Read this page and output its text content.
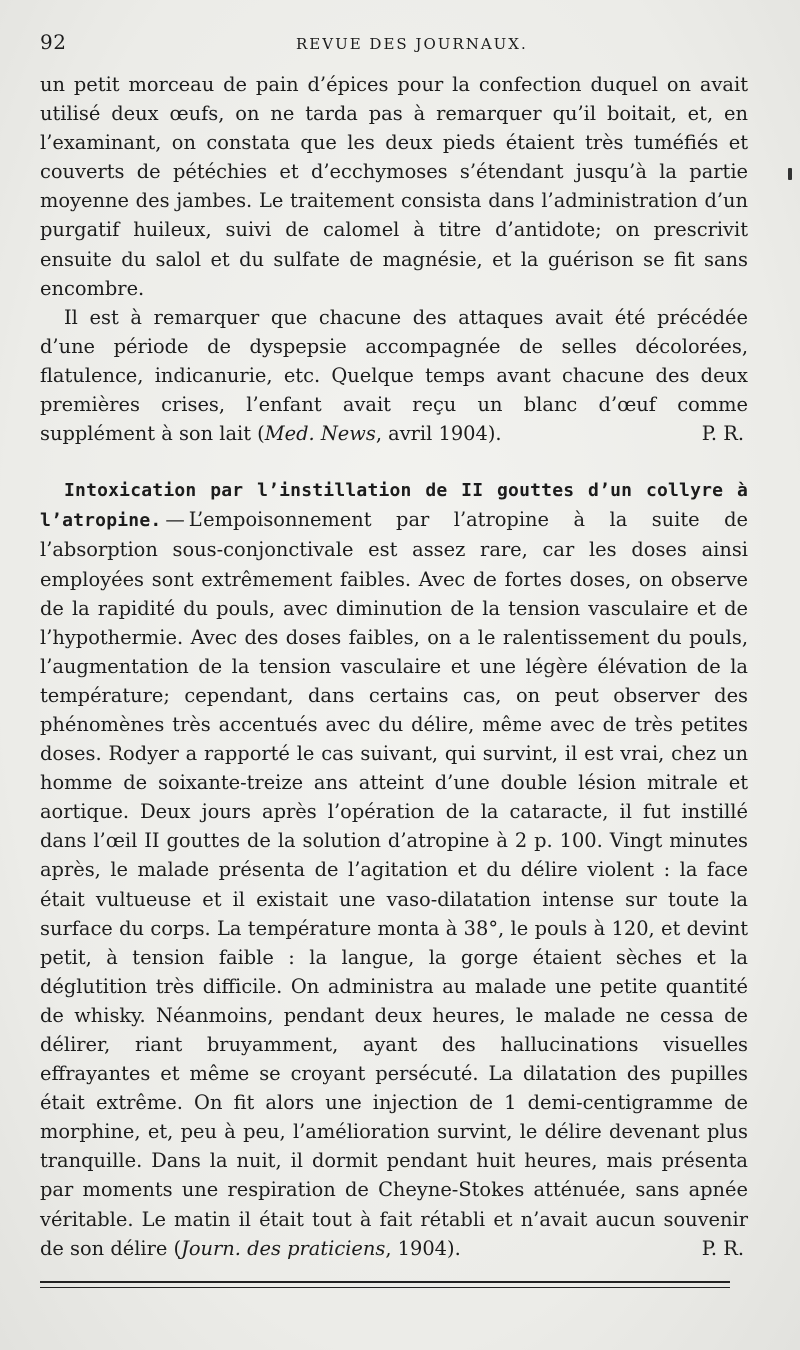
92	REVUE DES JOURNAUX.

un petit morceau de pain d’épices pour la confection duquel on avait utilisé deux œufs, on ne tarda pas à remarquer qu’il boitait, et, en l’examinant, on constata que les deux pieds étaient très tuméfiés et couverts de pétéchies et d’ecchymoses s’étendant jusqu’à la partie moyenne des jambes. Le traitement consista dans l’administration d’un purgatif huileux, suivi de calomel à titre d’antidote; on prescrivit ensuite du salol et du sulfate de magnésie, et la guérison se fit sans encombre.

Il est à remarquer que chacune des attaques avait été précédée d’une période de dyspepsie accompagnée de selles décolorées, flatulence, indicanurie, etc. Quelque temps avant chacune des deux premières crises, l’enfant avait reçu un blanc d’œuf comme supplément à son lait (Med. News, avril 1904).	P. R.

Intoxication par l’instillation de II gouttes d’un collyre à l’atropine. — L’empoisonnement par l’atropine à la suite de l’absorption sous-conjonctivale est assez rare, car les doses ainsi employées sont extrêmement faibles. Avec de fortes doses, on observe de la rapidité du pouls, avec diminution de la tension vasculaire et de l’hypothermie. Avec des doses faibles, on a le ralentissement du pouls, l’augmentation de la tension vasculaire et une légère élévation de la température; cependant, dans certains cas, on peut observer des phénomènes très accentués avec du délire, même avec de très petites doses. Rodyer a rapporté le cas suivant, qui survint, il est vrai, chez un homme de soixante-treize ans atteint d’une double lésion mitrale et aortique. Deux jours après l’opération de la cataracte, il fut instillé dans l’œil II gouttes de la solution d’atropine à 2 p. 100. Vingt minutes après, le malade présenta de l’agitation et du délire violent : la face était vultueuse et il existait une vaso-dilatation intense sur toute la surface du corps. La température monta à 38°, le pouls à 120, et devint petit, à tension faible : la langue, la gorge étaient sèches et la déglutition très difficile. On administra au malade une petite quantité de whisky. Néanmoins, pendant deux heures, le malade ne cessa de délirer, riant bruyamment, ayant des hallucinations visuelles effrayantes et même se croyant persécuté. La dilatation des pupilles était extrême. On fit alors une injection de 1 demi-centigramme de morphine, et, peu à peu, l’amélioration survint, le délire devenant plus tranquille. Dans la nuit, il dormit pendant huit heures, mais présenta par moments une respiration de Cheyne-Stokes atténuée, sans apnée véritable. Le matin il était tout à fait rétabli et n’avait aucun souvenir de son délire (Journ. des praticiens, 1904).	P. R.
